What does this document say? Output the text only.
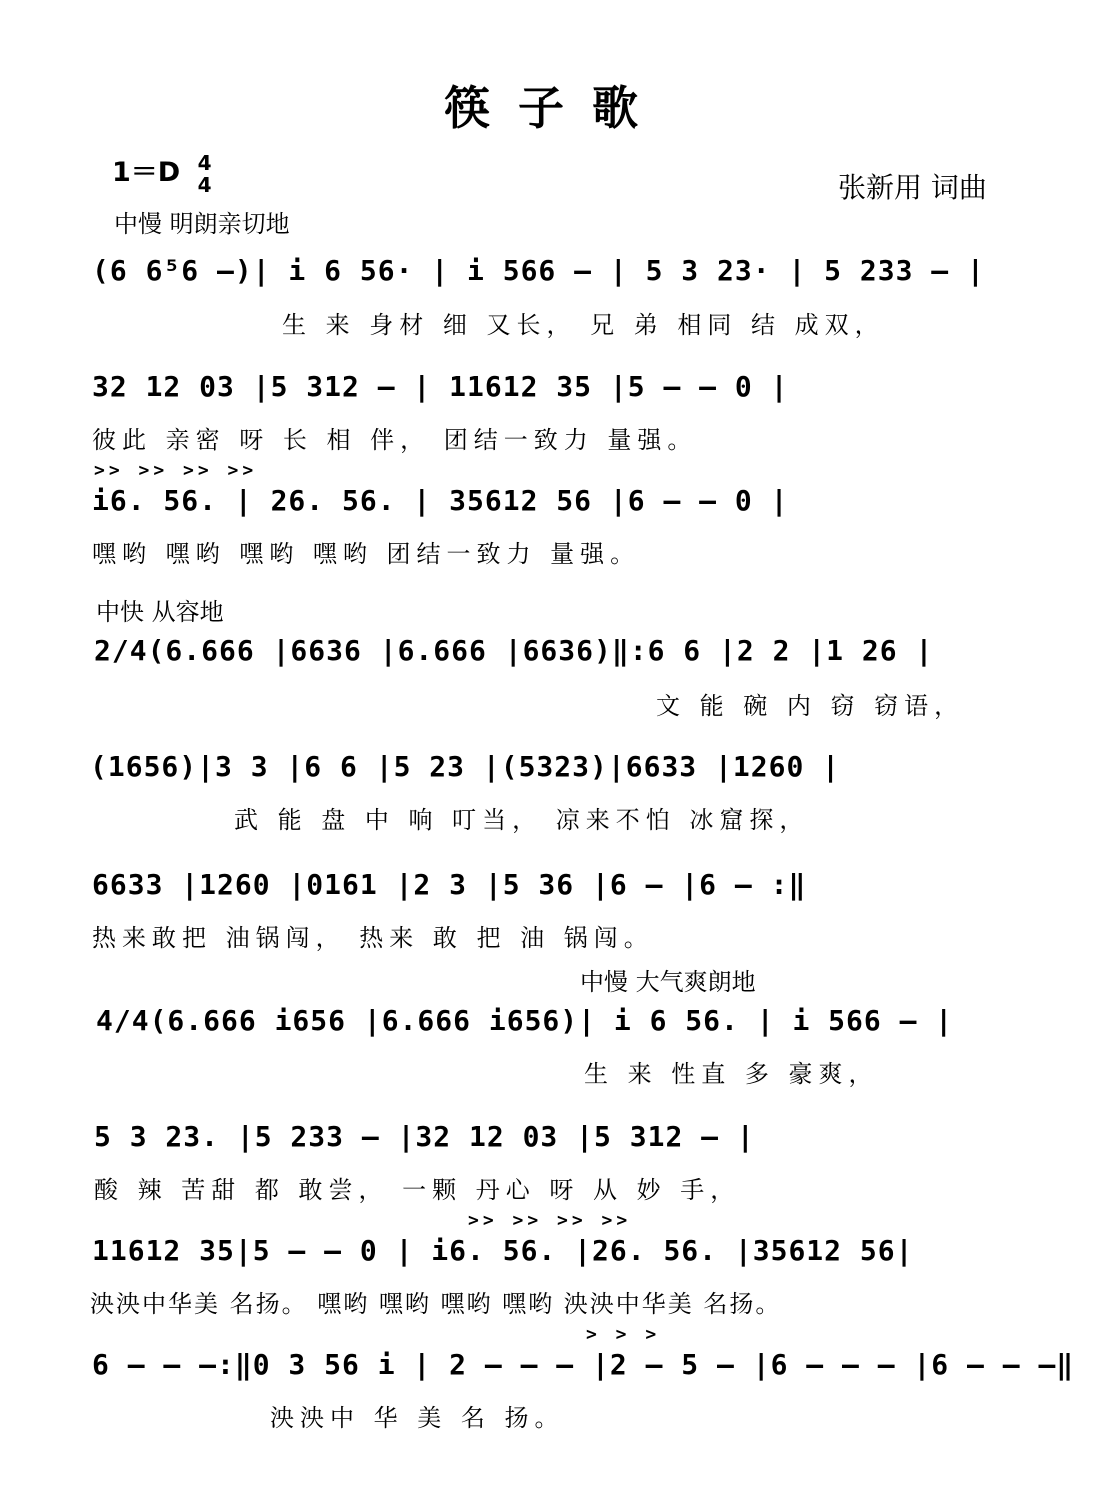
筷子歌
1＝D 4
4	张新用 词曲
中慢 明朗亲切地
中快 从容地
中慢 大气爽朗地
(6 6⁵6 –)| i 6 56· | i 566 – | 5 3 23· | 5 233 – |
生 来 身材 细 又长， 兄 弟 相同 结 成双，
32 12 03 |5 312 – | 11612 35 |5 – – 0 |
彼此 亲密 呀 长 相 伴， 团结一致力 量强。
>> >> >> >>
i6. 56. | 26. 56. | 35612 56 |6 – – 0 |
嘿哟 嘿哟 嘿哟 嘿哟 团结一致力 量强。
2/4(6.666 |6636 |6.666 |6636)‖:6 6 |2 2 |1 26 |
文 能 碗 内 窃 窃语，
(1656)|3 3 |6 6 |5 23 |(5323)|6633 |1260 |
武 能 盘 中 响 叮当， 凉来不怕 冰窟探，
6633 |1260 |0161 |2 3 |5 36 |6 – |6 – :‖
热来敢把 油锅闯， 热来 敢 把 油 锅闯。
4/4(6.666 i656 |6.666 i656)| i 6 56. | i 566 – |
生 来 性直 多 豪爽，
5 3 23. |5 233 – |32 12 03 |5 312 – |
酸 辣 苦甜 都 敢尝， 一颗 丹心 呀 从 妙 手，
>> >> >> >>
11612 35|5 – – 0 | i6. 56. |26. 56. |35612 56|
泱泱中华美 名扬。 嘿哟 嘿哟 嘿哟 嘿哟 泱泱中华美 名扬。
> > >
6 – – –:‖0 3 56 i | 2 – – – |2 – 5 – |6 – – – |6 – – –‖
泱泱中 华 美 名 扬。
